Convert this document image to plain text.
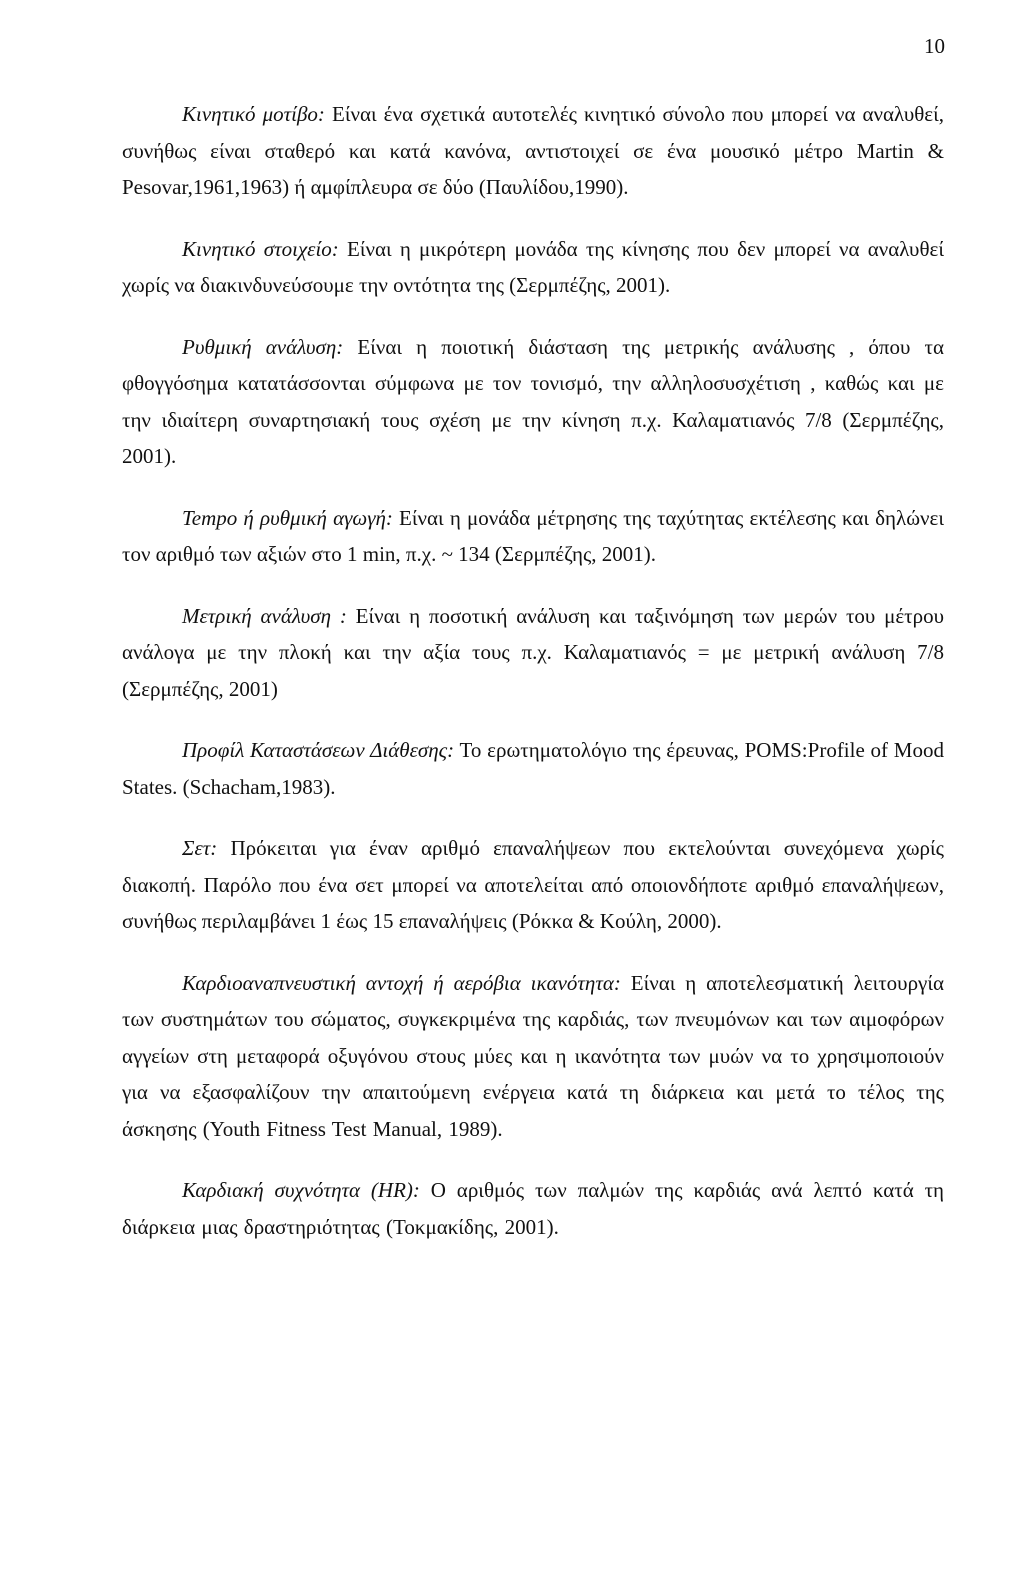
10

Κινητικό μοτίβο: Είναι ένα σχετικά αυτοτελές κινητικό σύνολο που μπορεί να αναλυθεί, συνήθως είναι σταθερό και κατά κανόνα, αντιστοιχεί σε ένα μουσικό μέτρο Martin & Pesovar,1961,1963) ή αμφίπλευρα σε δύο (Παυλίδου,1990).

Κινητικό στοιχείο: Είναι η μικρότερη μονάδα της κίνησης που δεν μπορεί να αναλυθεί χωρίς να διακινδυνεύσουμε την οντότητα της (Σερμπέζης, 2001).

Ρυθμική ανάλυση: Είναι η ποιοτική διάσταση της μετρικής ανάλυσης , όπου τα φθογγόσημα κατατάσσονται σύμφωνα με τον τονισμό, την αλληλοσυσχέτιση , καθώς και με την ιδιαίτερη συναρτησιακή τους σχέση με την κίνηση π.χ. Καλαματιανός 7/8 (Σερμπέζης, 2001).

Tempo ή ρυθμική αγωγή: Είναι η μονάδα μέτρησης της ταχύτητας εκτέλεσης και δηλώνει τον αριθμό των αξιών στο 1 min, π.χ. ~ 134 (Σερμπέζης, 2001).

Μετρική ανάλυση : Είναι η ποσοτική ανάλυση και ταξινόμηση των μερών του μέτρου ανάλογα με την πλοκή και την αξία τους π.χ. Καλαματιανός = με μετρική ανάλυση 7/8 (Σερμπέζης, 2001)

Προφίλ Καταστάσεων Διάθεσης: Το ερωτηματολόγιο της έρευνας, POMS:Profile of Mood States. (Schacham,1983).

Σετ: Πρόκειται για έναν αριθμό επαναλήψεων που εκτελούνται συνεχόμενα χωρίς διακοπή. Παρόλο που ένα σετ μπορεί να αποτελείται από οποιονδήποτε αριθμό επαναλήψεων, συνήθως περιλαμβάνει 1 έως 15 επαναλήψεις (Ρόκκα & Κούλη, 2000).

Καρδιοαναπνευστική αντοχή ή αερόβια ικανότητα: Είναι η αποτελεσματική λειτουργία των συστημάτων του σώματος, συγκεκριμένα της καρδιάς, των πνευμόνων και των αιμοφόρων αγγείων στη μεταφορά οξυγόνου στους μύες και η ικανότητα των μυών να το χρησιμοποιούν για να εξασφαλίζουν την απαιτούμενη ενέργεια κατά τη διάρκεια και μετά το τέλος της άσκησης (Youth Fitness Test Manual, 1989).

Καρδιακή συχνότητα (HR): Ο αριθμός των παλμών της καρδιάς ανά λεπτό κατά τη διάρκεια μιας δραστηριότητας (Τοκμακίδης, 2001).
